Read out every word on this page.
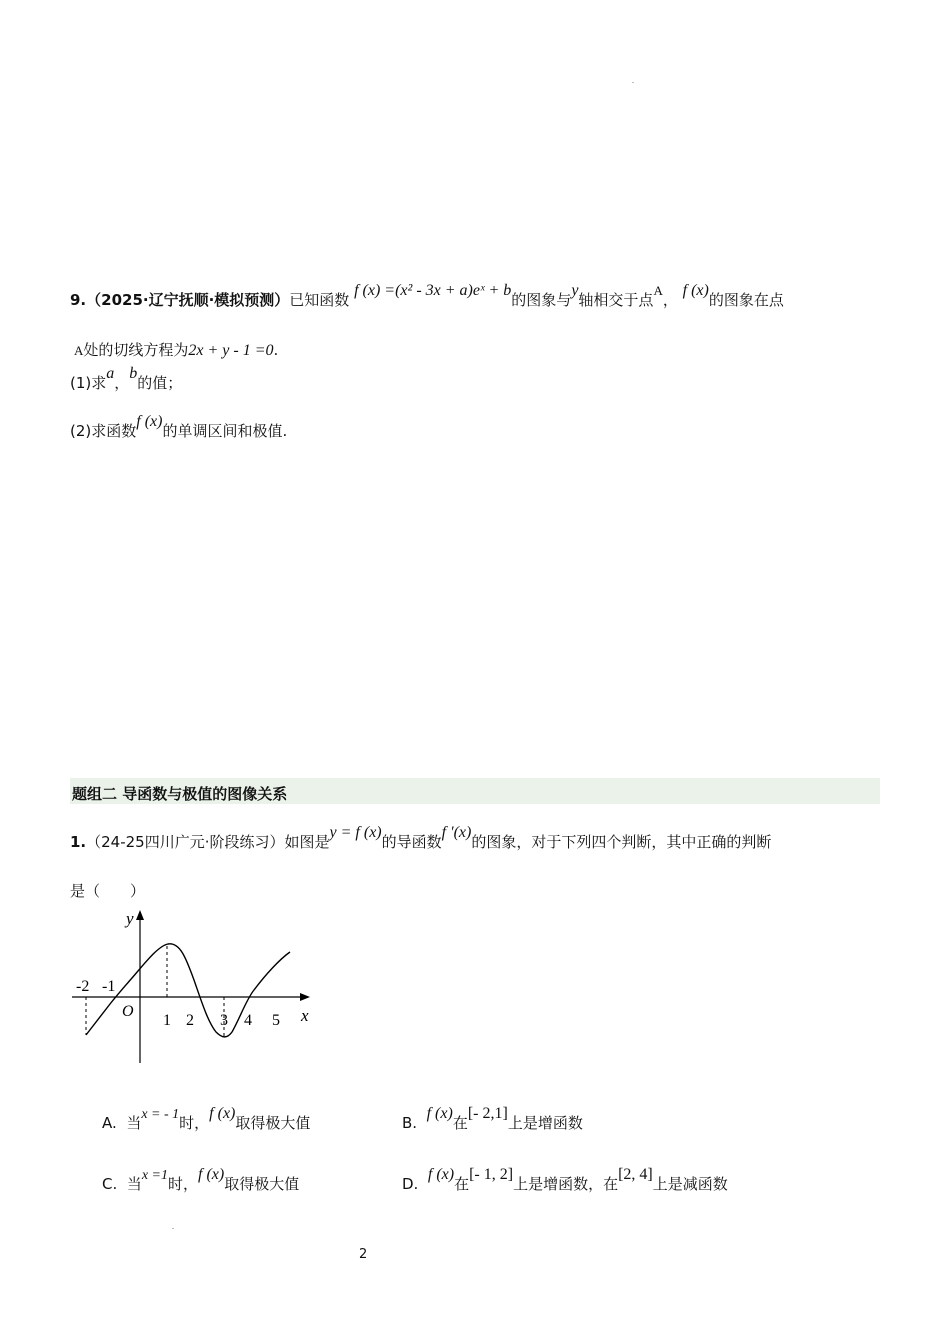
9.（2025·辽宁抚顺·模拟预测）已知函数 f (x) =(x² - 3x + a)eˣ + b的图象与y轴相交于点A， f (x)的图象在点
A处的切线方程为2x + y - 1 =0.
(1)求a，b的值；
(2)求函数f (x)的单调区间和极值.
题组二 导函数与极值的图像关系
1.（24-25四川广元·阶段练习）如图是y = f (x)的导函数f ′(x)的图象，对于下列四个判断，其中正确的判断
是（　　）
y
x
O
-2 -1
1 2 3 4 5
A. 当x = - 1时，f (x)取得极大值	B.  f (x)在[- 2,1]上是增函数
C. 当x =1时，f (x)取得极大值	D.  f (x)在[- 1, 2]上是增函数，在[2, 4]上是减函数
2
